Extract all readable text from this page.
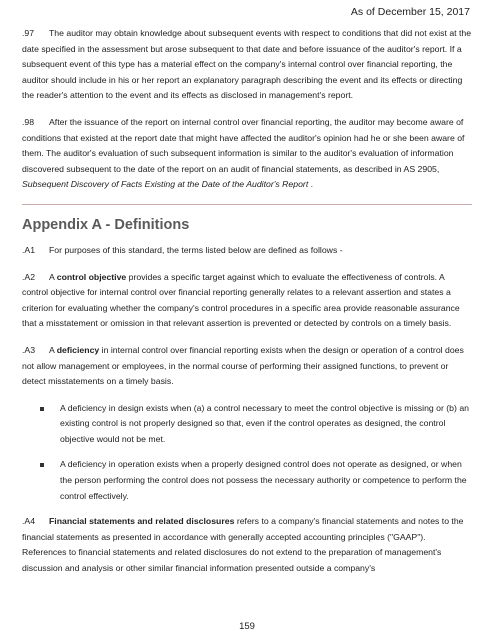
As of December 15, 2017

.97 The auditor may obtain knowledge about subsequent events with respect to conditions that did not exist at the date specified in the assessment but arose subsequent to that date and before issuance of the auditor's report. If a subsequent event of this type has a material effect on the company's internal control over financial reporting, the auditor should include in his or her report an explanatory paragraph describing the event and its effects or directing the reader's attention to the event and its effects as disclosed in management's report.

.98 After the issuance of the report on internal control over financial reporting, the auditor may become aware of conditions that existed at the report date that might have affected the auditor's opinion had he or she been aware of them. The auditor's evaluation of such subsequent information is similar to the auditor's evaluation of information discovered subsequent to the date of the report on an audit of financial statements, as described in AS 2905, Subsequent Discovery of Facts Existing at the Date of the Auditor's Report .

Appendix A - Definitions

.A1 For purposes of this standard, the terms listed below are defined as follows -

.A2 A control objective provides a specific target against which to evaluate the effectiveness of controls. A control objective for internal control over financial reporting generally relates to a relevant assertion and states a criterion for evaluating whether the company's control procedures in a specific area provide reasonable assurance that a misstatement or omission in that relevant assertion is prevented or detected by controls on a timely basis.

.A3 A deficiency in internal control over financial reporting exists when the design or operation of a control does not allow management or employees, in the normal course of performing their assigned functions, to prevent or detect misstatements on a timely basis.

A deficiency in design exists when (a) a control necessary to meet the control objective is missing or (b) an existing control is not properly designed so that, even if the control operates as designed, the control objective would not be met.
A deficiency in operation exists when a properly designed control does not operate as designed, or when the person performing the control does not possess the necessary authority or competence to perform the control effectively.

.A4 Financial statements and related disclosures refers to a company's financial statements and notes to the financial statements as presented in accordance with generally accepted accounting principles ("GAAP"). References to financial statements and related disclosures do not extend to the preparation of management's discussion and analysis or other similar financial information presented outside a company's

159
